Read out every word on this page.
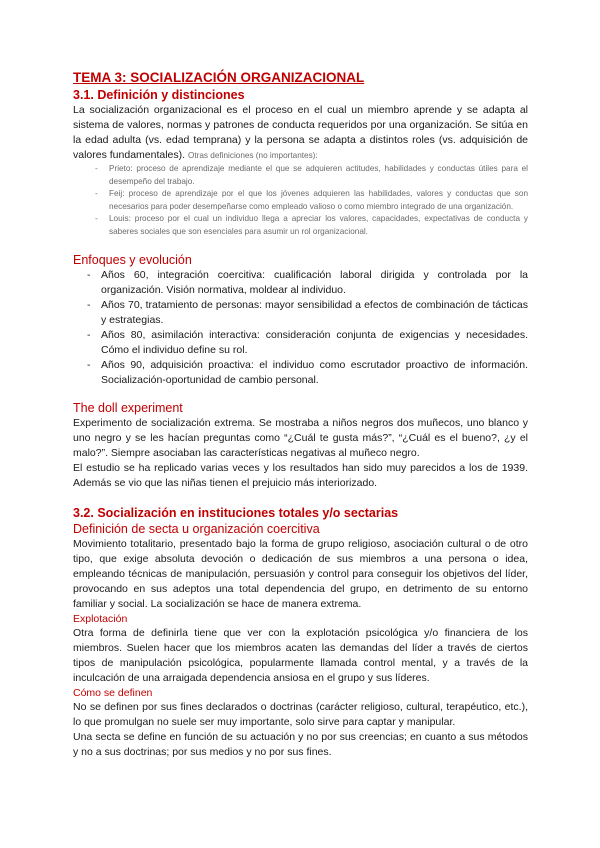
TEMA 3: SOCIALIZACIÓN ORGANIZACIONAL
3.1. Definición y distinciones

La socialización organizacional es el proceso en el cual un miembro aprende y se adapta al sistema de valores, normas y patrones de conducta requeridos por una organización. Se sitúa en la edad adulta (vs. edad temprana) y la persona se adapta a distintos roles (vs. adquisición de valores fundamentales). Otras definiciones (no importantes):

- Prieto: proceso de aprendizaje mediante el que se adquieren actitudes, habilidades y conductas útiles para el desempeño del trabajo.
- Feij: proceso de aprendizaje por el que los jóvenes adquieren las habilidades, valores y conductas que son necesarios para poder desempeñarse como empleado valioso o como miembro integrado de una organización.
- Louis: proceso por el cual un individuo llega a apreciar los valores, capacidades, expectativas de conducta y saberes sociales que son esenciales para asumir un rol organizacional.
Enfoques y evolución
- Años 60, integración coercitiva: cualificación laboral dirigida y controlada por la organización. Visión normativa, moldear al individuo.
- Años 70, tratamiento de personas: mayor sensibilidad a efectos de combinación de tácticas y estrategias.
- Años 80, asimilación interactiva: consideración conjunta de exigencias y necesidades. Cómo el individuo define su rol.
- Años 90, adquisición proactiva: el individuo como escrutador proactivo de información. Socialización-oportunidad de cambio personal.
The doll experiment

Experimento de socialización extrema. Se mostraba a niños negros dos muñecos, uno blanco y uno negro y se les hacían preguntas como “¿Cuál te gusta más?”, “¿Cuál es el bueno?, ¿y el malo?”. Siempre asociaban las características negativas al muñeco negro.

El estudio se ha replicado varias veces y los resultados han sido muy parecidos a los de 1939. Además se vio que las niñas tienen el prejuicio más interiorizado.

3.2. Socialización en instituciones totales y/o sectarias
Definición de secta u organización coercitiva

Movimiento totalitario, presentado bajo la forma de grupo religioso, asociación cultural o de otro tipo, que exige absoluta devoción o dedicación de sus miembros a una persona o idea, empleando técnicas de manipulación, persuasión y control para conseguir los objetivos del líder, provocando en sus adeptos una total dependencia del grupo, en detrimento de su entorno familiar y social. La socialización se hace de manera extrema.

Explotación

Otra forma de definirla tiene que ver con la explotación psicológica y/o financiera de los miembros. Suelen hacer que los miembros acaten las demandas del líder a través de ciertos tipos de manipulación psicológica, popularmente llamada control mental, y a través de la inculcación de una arraigada dependencia ansiosa en el grupo y sus líderes.

Cómo se definen

No se definen por sus fines declarados o doctrinas (carácter religioso, cultural, terapéutico, etc.), lo que promulgan no suele ser muy importante, solo sirve para captar y manipular.

Una secta se define en función de su actuación y no por sus creencias; en cuanto a sus métodos y no a sus doctrinas; por sus medios y no por sus fines.
